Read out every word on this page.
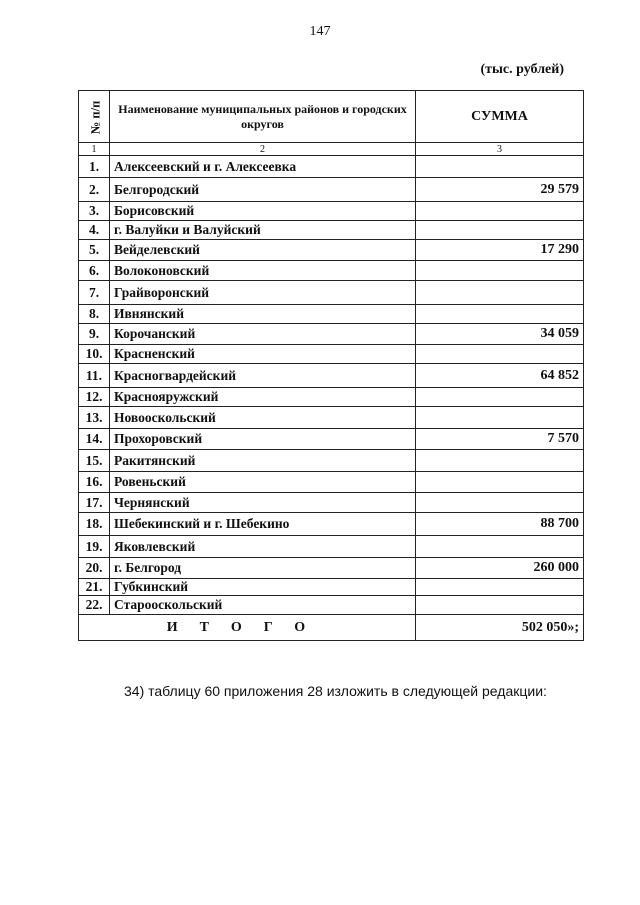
147
(тыс. рублей)
№ п/п	Наименование муниципальных районов и городских округов	СУММА
1	2	3
1.	Алексеевский и г. Алексеевка	
2.	Белгородский	29 579
3.	Борисовский	
4.	г. Валуйки и Валуйский	
5.	Вейделевский	17 290
6.	Волоконовский	
7.	Грайворонский	
8.	Ивнянский	
9.	Корочанский	34 059
10.	Красненский	
11.	Красногвардейский	64 852
12.	Краснояружский	
13.	Новооскольский	
14.	Прохоровский	7 570
15.	Ракитянский	
16.	Ровеньский	
17.	Чернянский	
18.	Шебекинский и г. Шебекино	88 700
19.	Яковлевский	
20.	г. Белгород	260 000
21.	Губкинский	
22.	Старооскольский	
ИТОГО		502 050»;
34) таблицу 60 приложения 28 изложить в следующей редакции:
